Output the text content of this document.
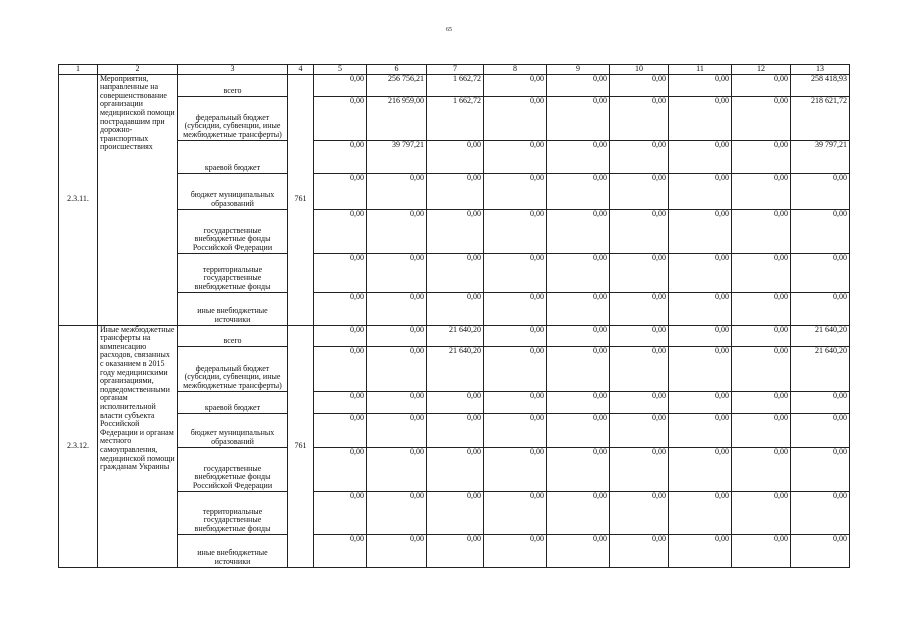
65
1	2	3	4	5	6	7	8	9	10	11	12	13
2.3.11.	Мероприятия, направленные на совершенствование организации медицинской помощи пострадавшим при дорожно-транспортных происшествиях	всего	761	0,00	256 756,21	1 662,72	0,00	0,00	0,00	0,00	0,00	258 418,93
		федеральный бюджет (субсидии, субвенции, иные межбюджетные трансферты)		0,00	216 959,00	1 662,72	0,00	0,00	0,00	0,00	0,00	218 621,72
		краевой бюджет		0,00	39 797,21	0,00	0,00	0,00	0,00	0,00	0,00	39 797,21
		бюджет муниципальных образований		0,00	0,00	0,00	0,00	0,00	0,00	0,00	0,00	0,00
		государственные внебюджетные фонды Российской Федерации		0,00	0,00	0,00	0,00	0,00	0,00	0,00	0,00	0,00
		территориальные государственные внебюджетные фонды		0,00	0,00	0,00	0,00	0,00	0,00	0,00	0,00	0,00
		иные внебюджетные источники		0,00	0,00	0,00	0,00	0,00	0,00	0,00	0,00	0,00
2.3.12.	Иные межбюджетные трансферты на компенсацию расходов, связанных с оказанием в 2015 году медицинскими организациями, подведомственными органам исполнительной власти субъекта Российской Федерации и органам местного самоуправления, медицинской помощи гражданам Украины	всего	761	0,00	0,00	21 640,20	0,00	0,00	0,00	0,00	0,00	21 640,20
		федеральный бюджет (субсидии, субвенции, иные межбюджетные трансферты)		0,00	0,00	21 640,20	0,00	0,00	0,00	0,00	0,00	21 640,20
		краевой бюджет		0,00	0,00	0,00	0,00	0,00	0,00	0,00	0,00	0,00
		бюджет муниципальных образований		0,00	0,00	0,00	0,00	0,00	0,00	0,00	0,00	0,00
		государственные внебюджетные фонды Российской Федерации		0,00	0,00	0,00	0,00	0,00	0,00	0,00	0,00	0,00
		территориальные государственные внебюджетные фонды		0,00	0,00	0,00	0,00	0,00	0,00	0,00	0,00	0,00
		иные внебюджетные источники		0,00	0,00	0,00	0,00	0,00	0,00	0,00	0,00	0,00
